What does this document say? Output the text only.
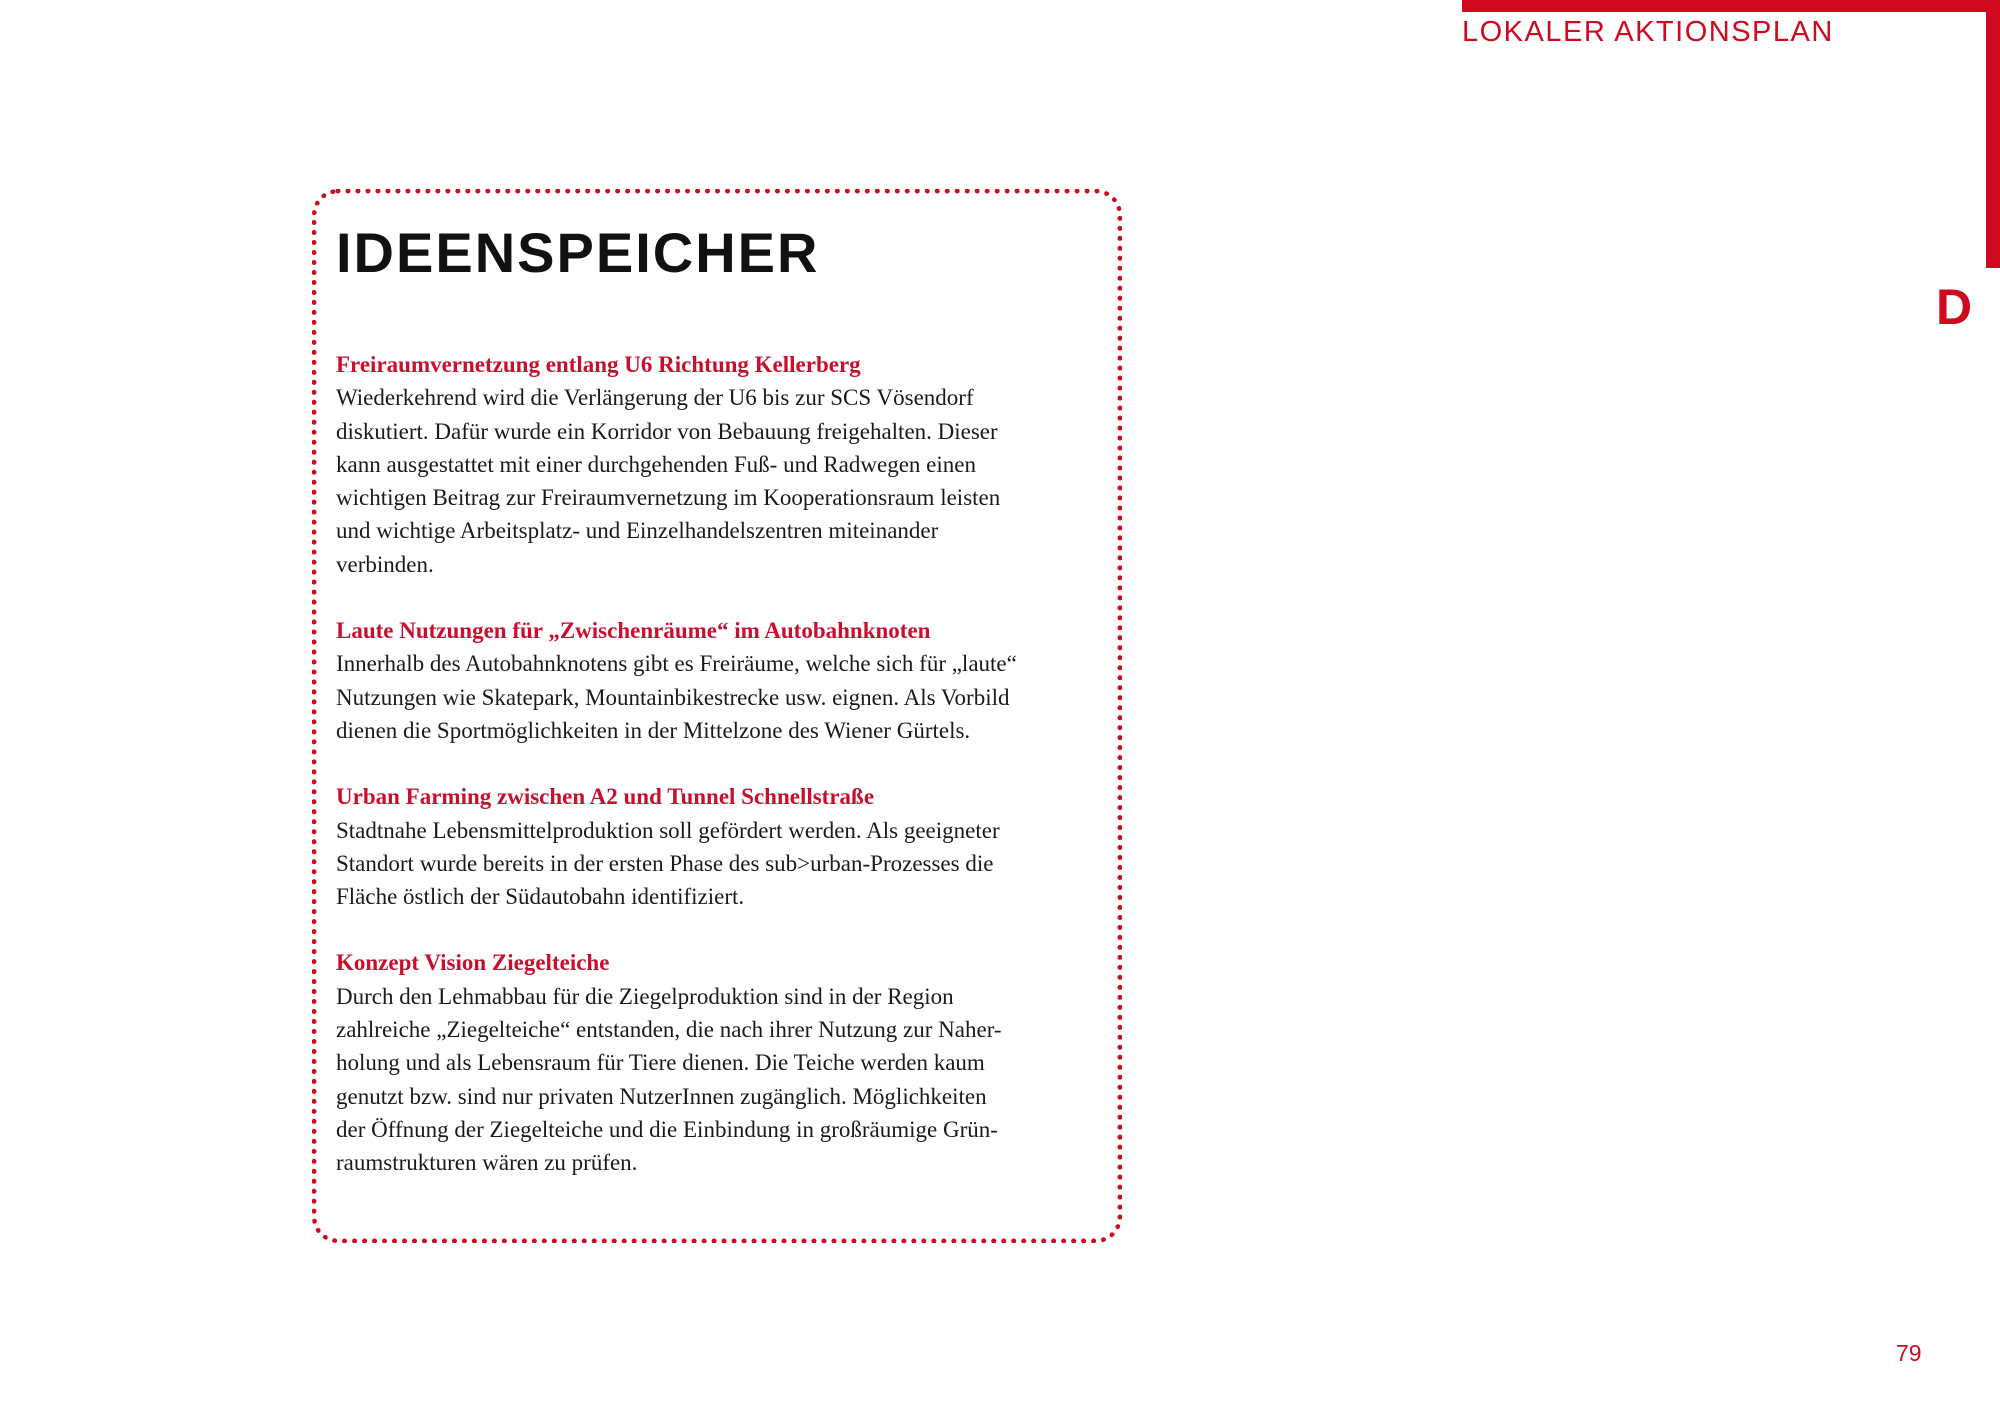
LOKALER AKTIONSPLAN
D
IDEENSPEICHER
Freiraumvernetzung entlang U6 Richtung Kellerberg

Wiederkehrend wird die Verlängerung der U6 bis zur SCS Vösendorf
diskutiert. Dafür wurde ein Korridor von Bebauung freigehalten. Dieser
kann ausgestattet mit einer durchgehenden Fuß- und Radwegen einen
wichtigen Beitrag zur Freiraumvernetzung im Kooperationsraum leisten
und wichtige Arbeitsplatz- und Einzelhandelszentren miteinander
verbinden.

Laute Nutzungen für „Zwischenräume“ im Autobahnknoten

Innerhalb des Autobahnknotens gibt es Freiräume, welche sich für „laute“
Nutzungen wie Skatepark, Mountainbikestrecke usw. eignen. Als Vorbild
dienen die Sportmöglichkeiten in der Mittelzone des Wiener Gürtels.

Urban Farming zwischen A2 und Tunnel Schnellstraße

Stadtnahe Lebensmittelproduktion soll gefördert werden. Als geeigneter
Standort wurde bereits in der ersten Phase des sub>urban-Prozesses die
Fläche östlich der Südautobahn identifiziert.

Konzept Vision Ziegelteiche

Durch den Lehmabbau für die Ziegelproduktion sind in der Region
zahlreiche „Ziegelteiche“ entstanden, die nach ihrer Nutzung zur Naher-
holung und als Lebensraum für Tiere dienen. Die Teiche werden kaum
genutzt bzw. sind nur privaten NutzerInnen zugänglich. Möglichkeiten
der Öffnung der Ziegelteiche und die Einbindung in großräumige Grün-
raumstrukturen wären zu prüfen.

79
